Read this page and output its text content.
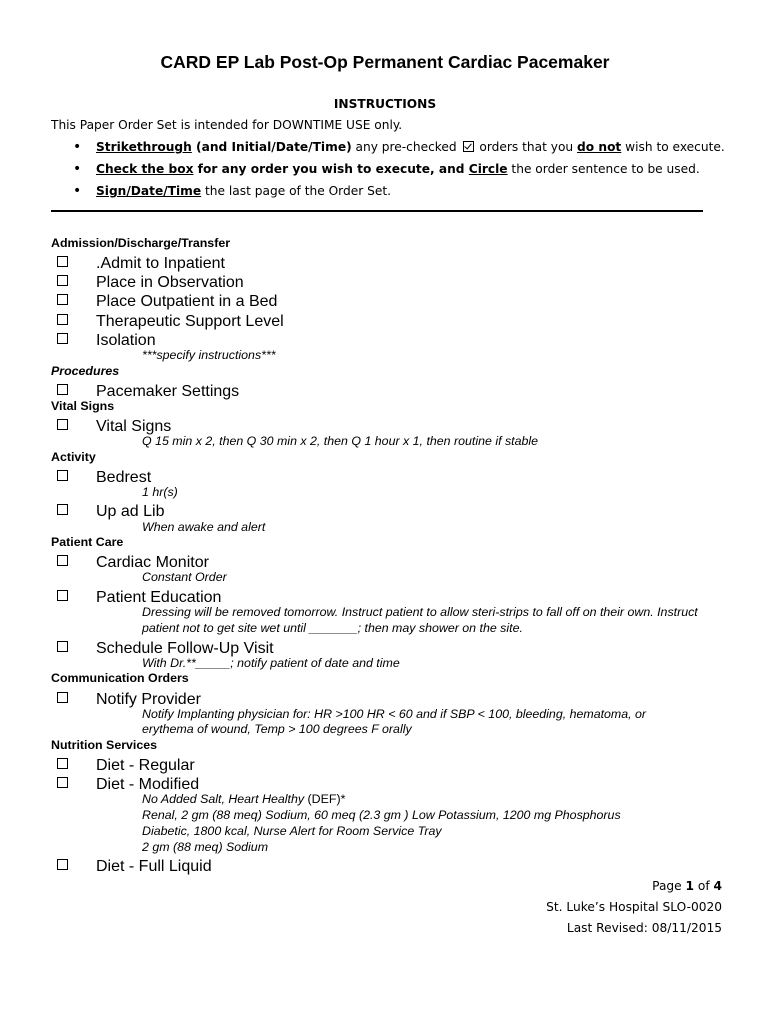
CARD EP Lab Post-Op Permanent Cardiac Pacemaker
INSTRUCTIONS
This Paper Order Set is intended for DOWNTIME USE only.
• Strikethrough (and Initial/Date/Time) any pre-checked  orders that you do not wish to execute.
• Check the box for any order you wish to execute, and Circle the order sentence to be used.
• Sign/Date/Time the last page of the Order Set.
Admission/Discharge/Transfer
.Admit to Inpatient
Place in Observation
Place Outpatient in a Bed
Therapeutic Support Level
Isolation
***specify instructions***
Procedures
Pacemaker Settings
Vital Signs
Vital Signs
Q 15 min x 2, then Q 30 min x 2, then Q 1 hour x 1, then routine if stable
Activity
Bedrest
1 hr(s)
Up ad Lib
When awake and alert
Patient Care
Cardiac Monitor
Constant Order
Patient Education
Dressing will be removed tomorrow. Instruct patient to allow steri-strips to fall off on their own. Instruct
patient not to get site wet until _______; then may shower on the site.
Schedule Follow-Up Visit
With Dr.**_____; notify patient of date and time
Communication Orders
Notify Provider
Notify Implanting physician for: HR >100 HR < 60 and if SBP < 100, bleeding, hematoma, or
erythema of wound, Temp > 100 degrees F orally
Nutrition Services
Diet - Regular
Diet - Modified
No Added Salt, Heart Healthy (DEF)*
Renal, 2 gm (88 meq) Sodium, 60 meq (2.3 gm ) Low Potassium, 1200 mg Phosphorus
Diabetic, 1800 kcal, Nurse Alert for Room Service Tray
2 gm (88 meq) Sodium
Diet - Full Liquid
Page 1 of 4
St. Luke’s Hospital SLO-0020
Last Revised: 08/11/2015
